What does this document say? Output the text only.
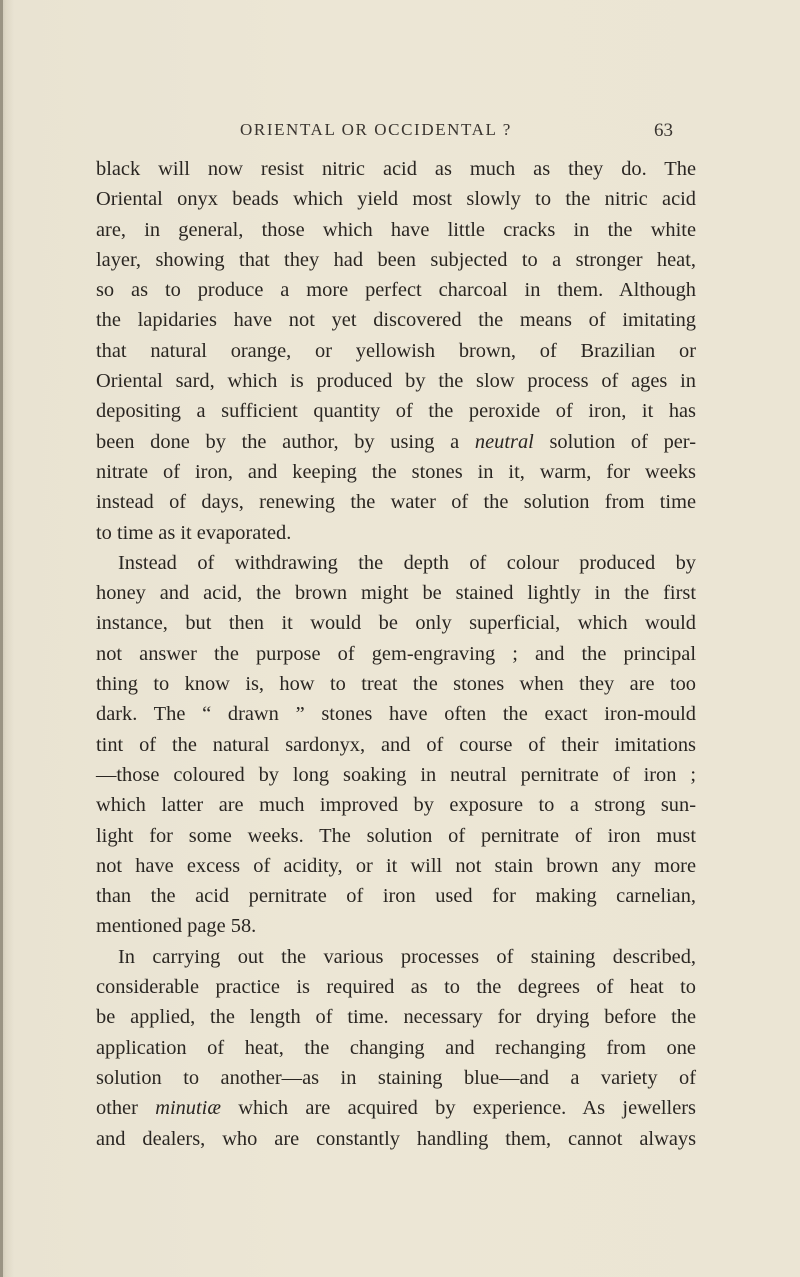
ORIENTAL OR OCCIDENTAL ?	63
black will now resist nitric acid as much as they do. The
Oriental onyx beads which yield most slowly to the nitric acid
are, in general, those which have little cracks in the white
layer, showing that they had been subjected to a stronger heat,
so as to produce a more perfect charcoal in them. Although
the lapidaries have not yet discovered the means of imitating
that natural orange, or yellowish brown, of Brazilian or
Oriental sard, which is produced by the slow process of ages in
depositing a sufficient quantity of the peroxide of iron, it has
been done by the author, by using a neutral solution of per-
nitrate of iron, and keeping the stones in it, warm, for weeks
instead of days, renewing the water of the solution from time
to time as it evaporated.
Instead of withdrawing the depth of colour produced by
honey and acid, the brown might be stained lightly in the first
instance, but then it would be only superficial, which would
not answer the purpose of gem-engraving ; and the principal
thing to know is, how to treat the stones when they are too
dark. The “ drawn ” stones have often the exact iron-mould
tint of the natural sardonyx, and of course of their imitations
—those coloured by long soaking in neutral pernitrate of iron ;
which latter are much improved by exposure to a strong sun-
light for some weeks. The solution of pernitrate of iron must
not have excess of acidity, or it will not stain brown any more
than the acid pernitrate of iron used for making carnelian,
mentioned page 58.
In carrying out the various processes of staining described,
considerable practice is required as to the degrees of heat to
be applied, the length of time. necessary for drying before the
application of heat, the changing and rechanging from one
solution to another—as in staining blue—and a variety of
other minutiæ which are acquired by experience. As jewellers
and dealers, who are constantly handling them, cannot always
